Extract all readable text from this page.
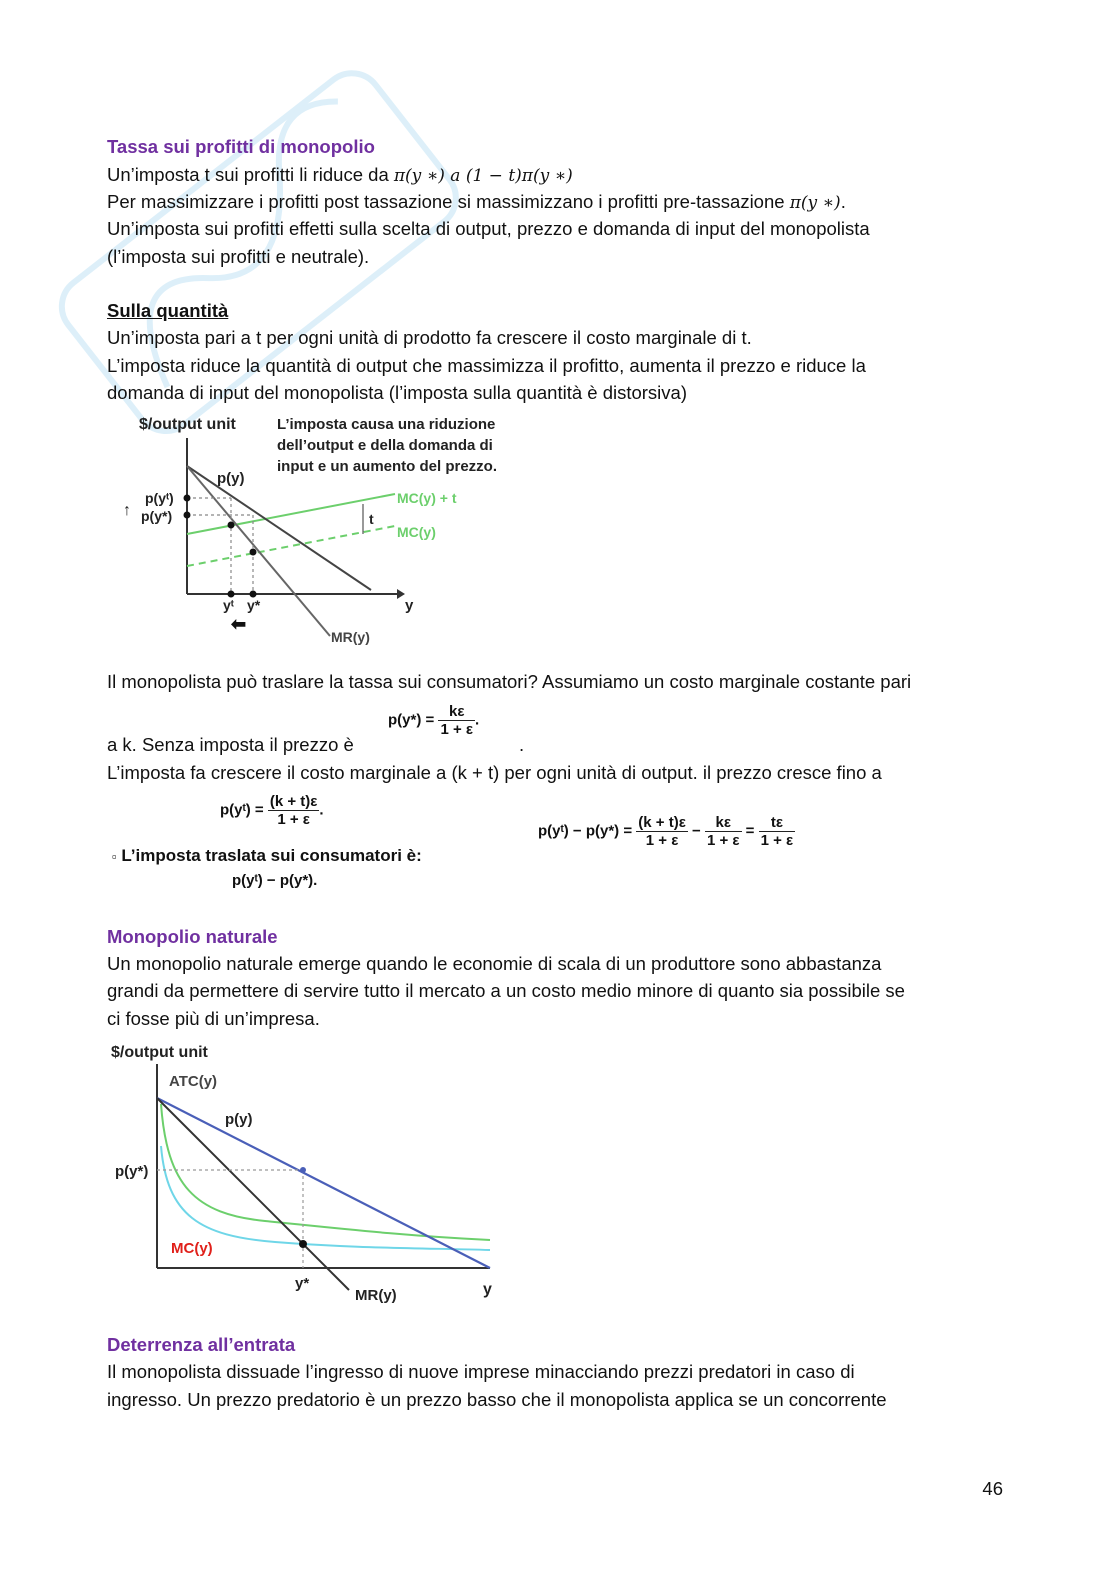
Tassa sui profitti di monopolio
Un’imposta t sui profitti li riduce da π(y ∗) a (1 − t)π(y ∗)
Per massimizzare i profitti post tassazione si massimizzano i profitti pre-tassazione π(y ∗).
Un’imposta sui profitti effetti sulla scelta di output, prezzo e domanda di input del monopolista
(l’imposta sui profitti e neutrale).
Sulla quantità
Un’imposta pari a t per ogni unità di prodotto fa crescere il costo marginale di t.
L’imposta riduce la quantità di output che massimizza il profitto, aumenta il prezzo e riduce la
domanda di input del monopolista (l’imposta sulla quantità è distorsiva)
$/output unit	L’imposta causa una riduzione
dell’output e della domanda di
input e un aumento del prezzo.
p(y)
p(yᵗ)
p(y*)
↑
MC(y) + t
t
MC(y)
yᵗ y*	y
⬅
MR(y)
Il monopolista può traslare la tassa sui consumatori? Assumiamo un costo marginale costante pari
a k. Senza imposta il prezzo è
$p(y*) = \frac{k\varepsilon}{1 + \varepsilon}$ .
.
L’imposta fa crescere il costo marginale a (k + t) per ogni unità di output. il prezzo cresce fino a
p(yᵗ) = $\frac{(k + t)\varepsilon}{1 + \varepsilon}$ .
▫ L’imposta traslata sui consumatori è:
p(yᵗ) − p(y*).
p(yᵗ) − $p(y*) = \frac{(k + t)\varepsilon}{1 + \varepsilon} - \frac{k\varepsilon}{1 + \varepsilon} = \frac{t\varepsilon}{1 + \varepsilon}$
Monopolio naturale
Un monopolio naturale emerge quando le economie di scala di un produttore sono abbastanza
grandi da permettere di servire tutto il mercato a un costo medio minore di quanto sia possibile se
ci fosse più di un’impresa.
$/output unit
ATC(y)
p(y)
p(y*)
MC(y)
y*
MR(y)	y
Deterrenza all’entrata
Il monopolista dissuade l’ingresso di nuove imprese minacciando prezzi predatori in caso di
ingresso. Un prezzo predatorio è un prezzo basso che il monopolista applica se un concorrente
46
